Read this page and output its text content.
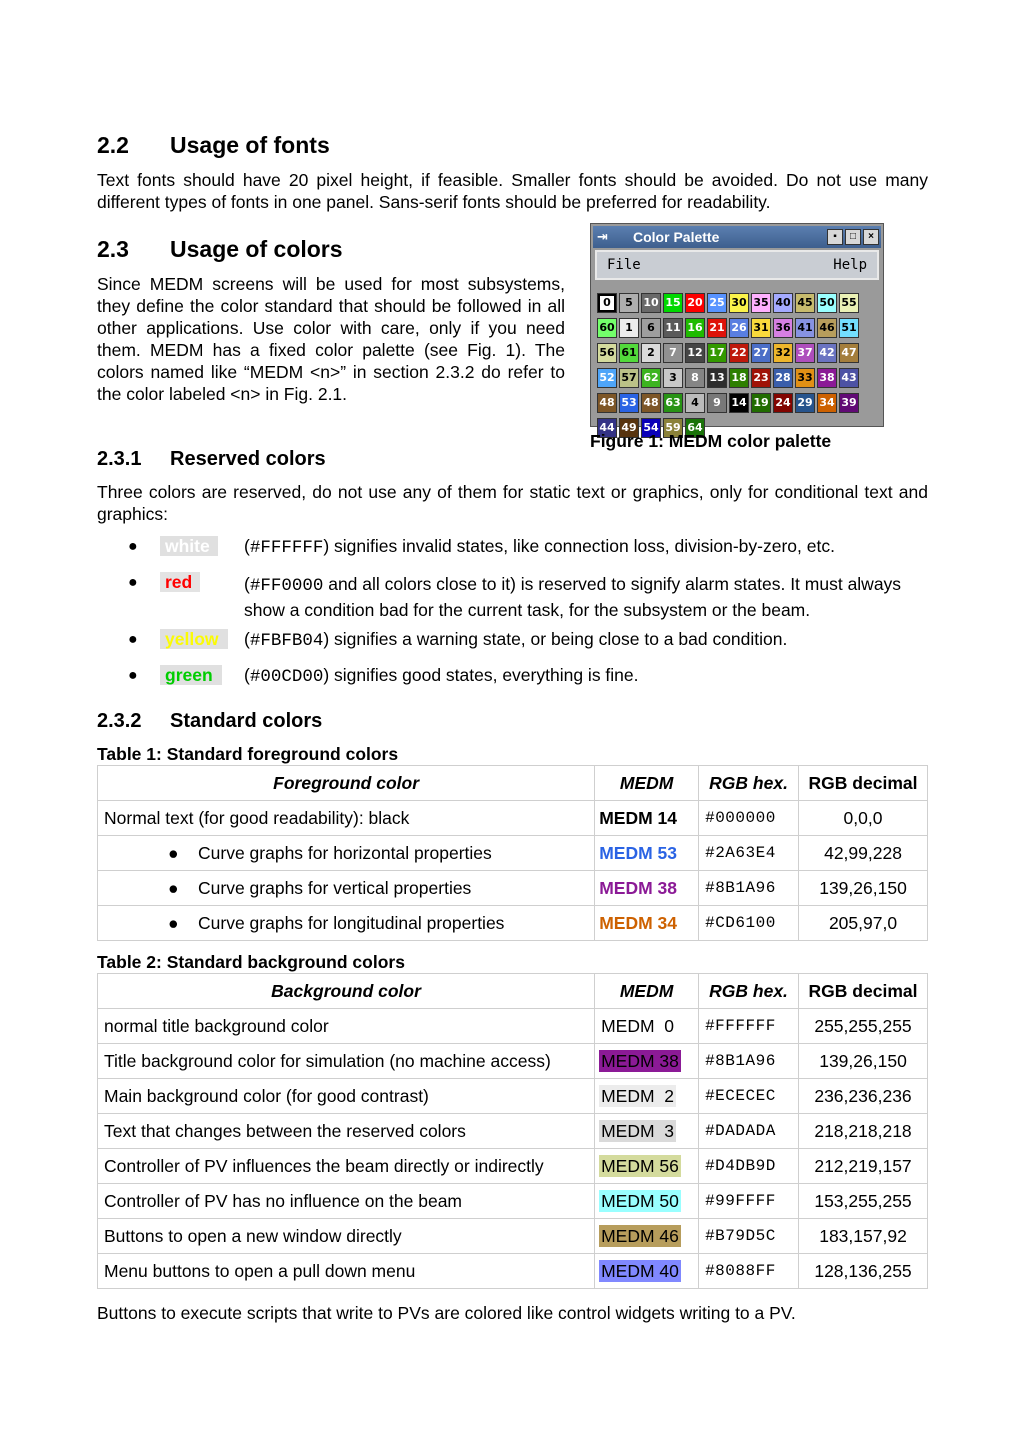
2.2 Usage of fonts

Text fonts should have 20 pixel height, if feasible. Smaller fonts should be avoided. Do not use many different types of fonts in one panel. Sans-serif fonts should be preferred for readability.

2.3 Usage of colors

Since MEDM screens will be used for most subsystems, they define the color standard that should be followed in all other applications. Use color with care, only if you need them. MEDM has a fixed color palette (see Fig. 1). The colors named like “MEDM <n>” in section 2.3.2 do refer to the color labeled <n> in Fig. 2.1.

⇥ Color Palette	▪	□	×
File	Help
0	5 10 15 20 25 30 35 40 45 50 55
60 1	6 11 16 21 26 31 36 41 46 51
56 61 2	7 12 17 22 27 32 37 42 47
52 57 62 3	8 13 18 23 28 33 38 43
48 53 48 63 4	9 14 19 24 29 34 39
44 49 54 59 64
Figure 1: MEDM color palette
2.3.1 Reserved colors

Three colors are reserved, do not use any of them for static text or graphics, only for conditional text and graphics:

● white	(#FFFFFF) signifies invalid states, like connection loss, division-by-zero, etc.
● red	(#FF0000 and all colors close to it) is reserved to signify alarm states. It must always show a condition bad for the current task, for the subsystem or the beam.
● yellow	(#FBFB04) signifies a warning state, or being close to a bad condition.
● green	(#00CD00) signifies good states, everything is fine.
2.3.2 Standard colors
Table 1: Standard foreground colors
Foreground color	MEDM	RGB hex.	RGB decimal
Normal text (for good readability): black	MEDM 14	#000000	0,0,0
● Curve graphs for horizontal properties	MEDM 53	#2A63E4	42,99,228
● Curve graphs for vertical properties	MEDM 38	#8B1A96	139,26,150
● Curve graphs for longitudinal properties	MEDM 34	#CD6100	205,97,0
Table 2: Standard background colors
Background color	MEDM	RGB hex.	RGB decimal
normal title background color	MEDM  0	#FFFFFF	255,255,255
Title background color for simulation (no machine access)	MEDM 38	#8B1A96	139,26,150
Main background color (for good contrast)	MEDM  2	#ECECEC	236,236,236
Text that changes between the reserved colors	MEDM  3	#DADADA	218,218,218
Controller of PV influences the beam directly or indirectly	MEDM 56	#D4DB9D	212,219,157
Controller of PV has no influence on the beam	MEDM 50	#99FFFF	153,255,255
Buttons to open a new window directly	MEDM 46	#B79D5C	183,157,92
Menu buttons to open a pull down menu	MEDM 40	#8088FF	128,136,255

Buttons to execute scripts that write to PVs are colored like control widgets writing to a PV.
